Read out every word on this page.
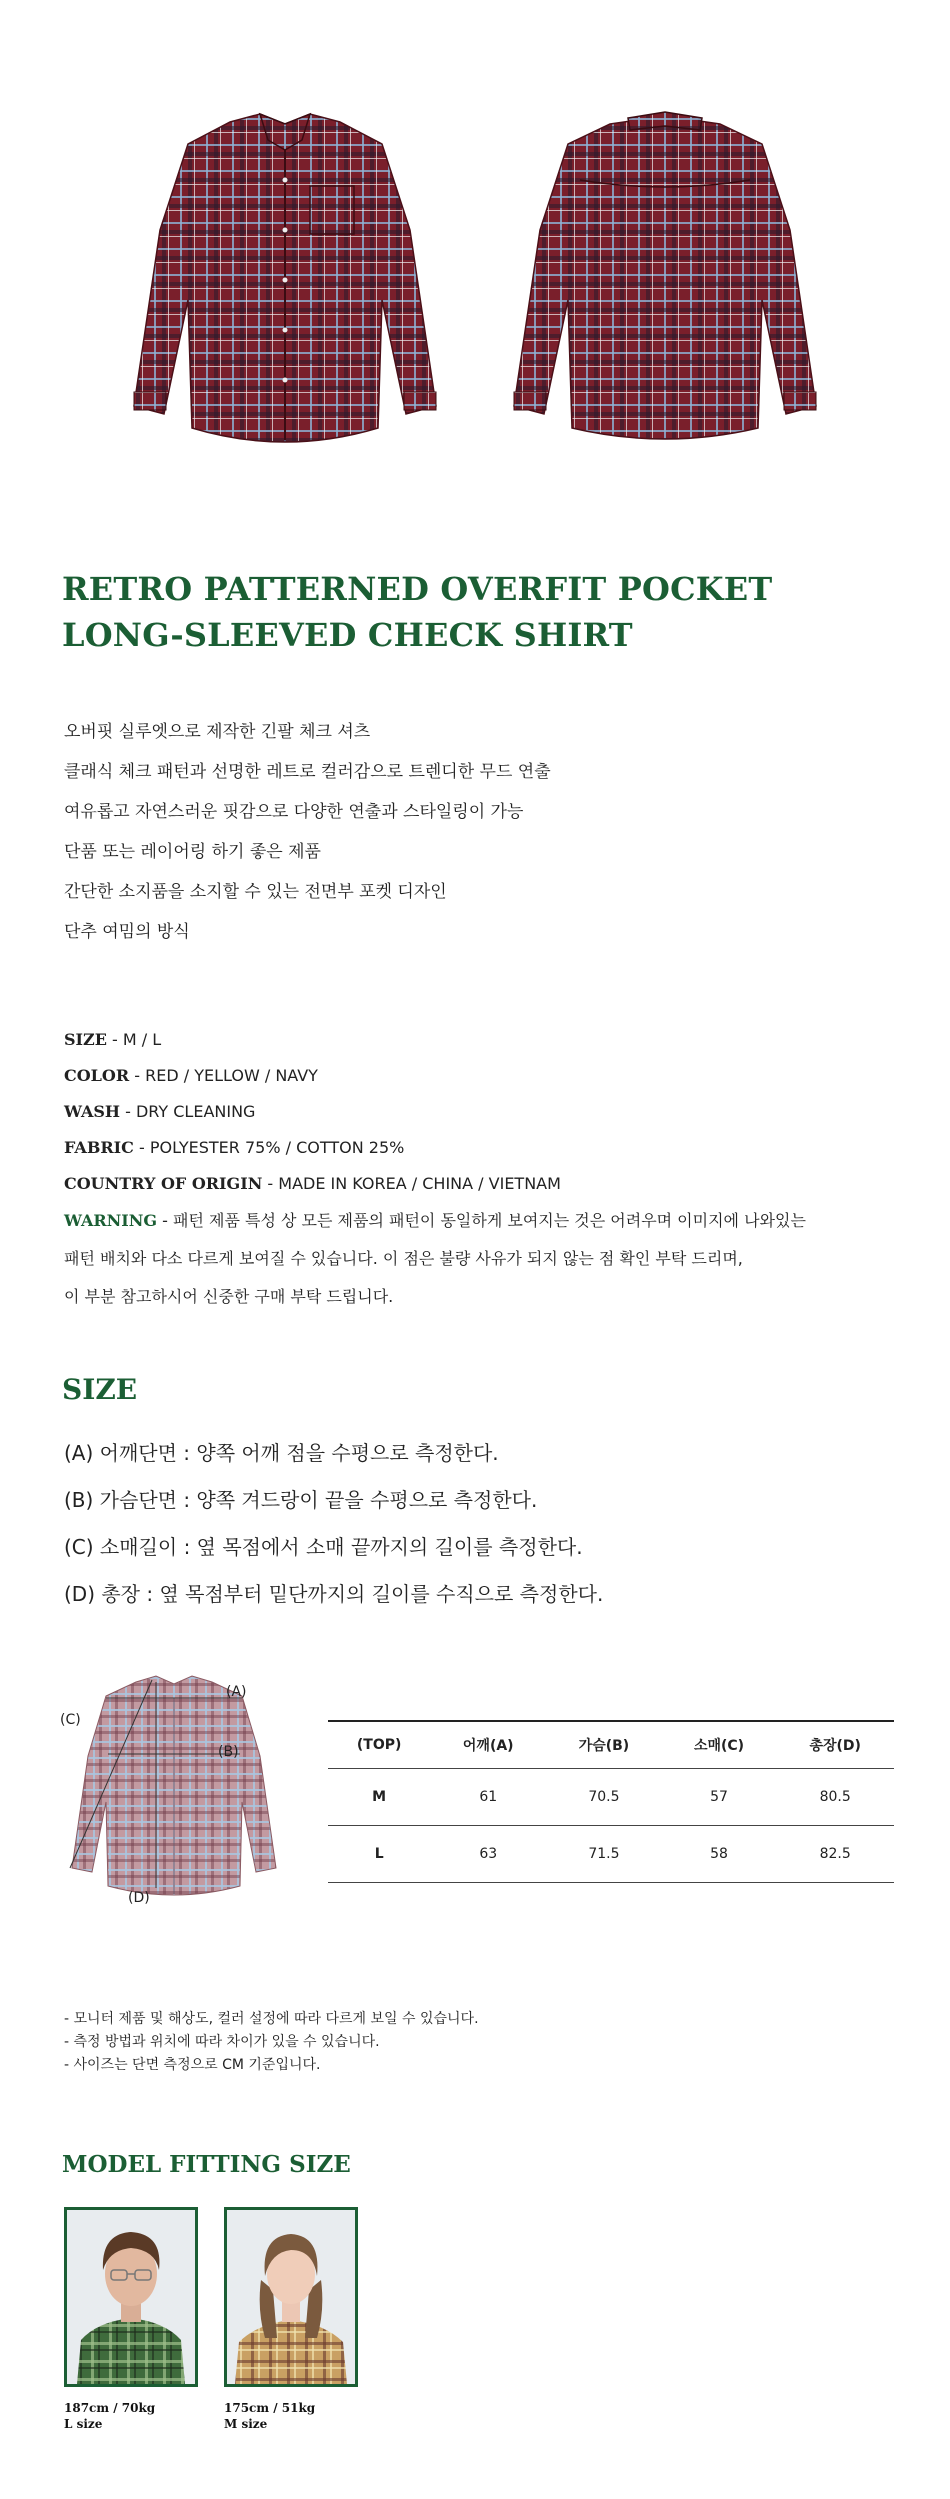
RETRO PATTERNED OVERFIT POCKET
LONG-SLEEVED CHECK SHIRT
오버핏 실루엣으로 제작한 긴팔 체크 셔츠
클래식 체크 패턴과 선명한 레트로 컬러감으로 트렌디한 무드 연출
여유롭고 자연스러운 핏감으로 다양한 연출과 스타일링이 가능
단품 또는 레이어링 하기 좋은 제품
간단한 소지품을 소지할 수 있는 전면부 포켓 디자인
단추 여밈의 방식
SIZE - M / L
COLOR - RED / YELLOW / NAVY
WASH - DRY CLEANING
FABRIC - POLYESTER 75% / COTTON 25%
COUNTRY OF ORIGIN - MADE IN KOREA / CHINA / VIETNAM
WARNING - 패턴 제품 특성 상 모든 제품의 패턴이 동일하게 보여지는 것은 어려우며 이미지에 나와있는
패턴 배치와 다소 다르게 보여질 수 있습니다. 이 점은 불량 사유가 되지 않는 점 확인 부탁 드리며,
이 부분 참고하시어 신중한 구매 부탁 드립니다.
SIZE
(A) 어깨단면 : 양쪽 어깨 점을 수평으로 측정한다.
(B) 가슴단면 : 양쪽 겨드랑이 끝을 수평으로 측정한다.
(C) 소매길이 : 옆 목점에서 소매 끝까지의 길이를 측정한다.
(D) 총장 : 옆 목점부터 밑단까지의 길이를 수직으로 측정한다.
(A)
(B)
(C)
(D)
(TOP)	어깨(A)	가슴(B)	소매(C)	총장(D)
M	61	70.5	57	80.5
L	63	71.5	58	82.5
- 모니터 제품 및 해상도, 컬러 설정에 따라 다르게 보일 수 있습니다.
- 측정 방법과 위치에 따라 차이가 있을 수 있습니다.
- 사이즈는 단면 측정으로 CM 기준입니다.
MODEL FITTING SIZE
187cm / 70kg
L size
175cm / 51kg
M size
